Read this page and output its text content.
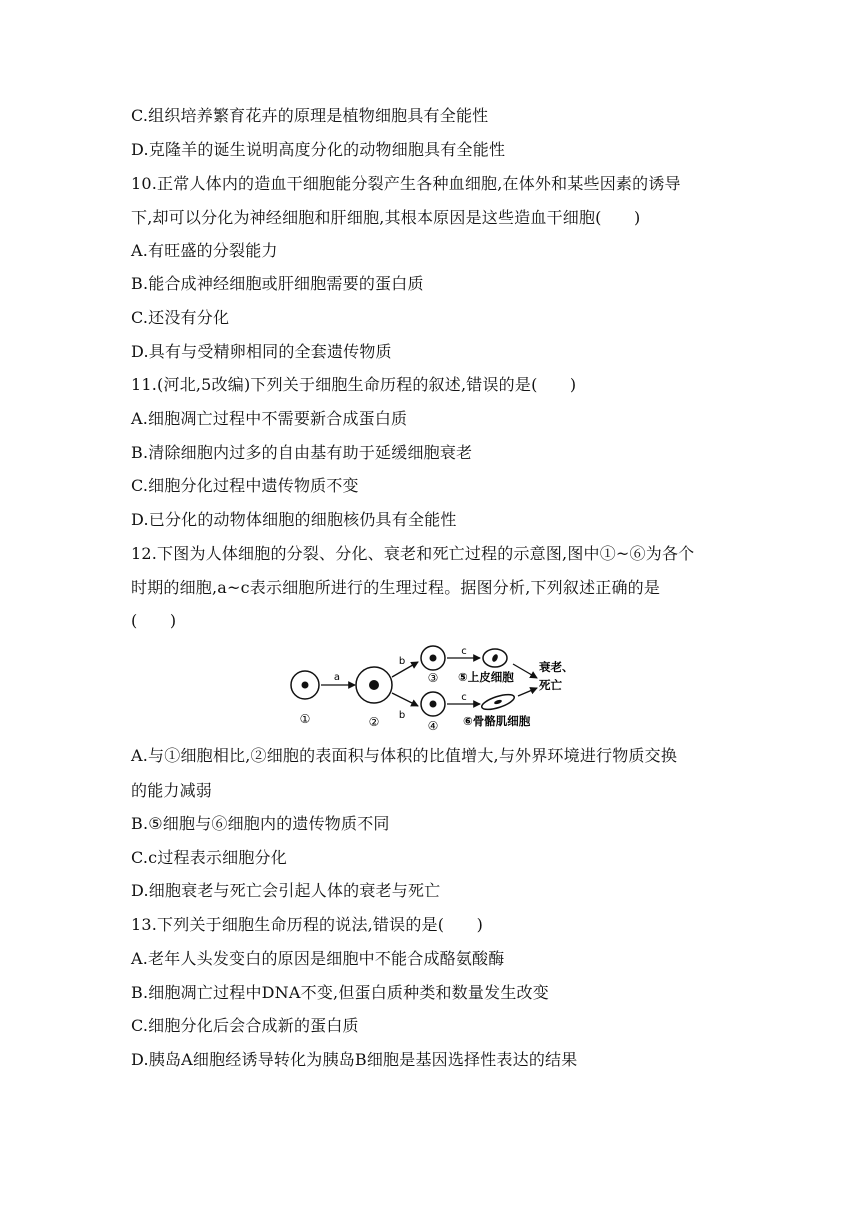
C.组织培养繁育花卉的原理是植物细胞具有全能性
D.克隆羊的诞生说明高度分化的动物细胞具有全能性
10.正常人体内的造血干细胞能分裂产生各种血细胞,在体外和某些因素的诱导
下,却可以分化为神经细胞和肝细胞,其根本原因是这些造血干细胞(　　)
A.有旺盛的分裂能力
B.能合成神经细胞或肝细胞需要的蛋白质
C.还没有分化
D.具有与受精卵相同的全套遗传物质
11.(河北,5改编)下列关于细胞生命历程的叙述,错误的是(　　)
A.细胞凋亡过程中不需要新合成蛋白质
B.清除细胞内过多的自由基有助于延缓细胞衰老
C.细胞分化过程中遗传物质不变
D.已分化的动物体细胞的细胞核仍具有全能性
12.下图为人体细胞的分裂、分化、衰老和死亡过程的示意图,图中①~⑥为各个
时期的细胞,a~c表示细胞所进行的生理过程。据图分析,下列叙述正确的是
(　　)
①
a
②
b
b
③
④
c
c
⑤上皮细胞
⑥骨骼肌细胞
衰老、
死亡
A.与①细胞相比,②细胞的表面积与体积的比值增大,与外界环境进行物质交换
的能力减弱
B.⑤细胞与⑥细胞内的遗传物质不同
C.c过程表示细胞分化
D.细胞衰老与死亡会引起人体的衰老与死亡
13.下列关于细胞生命历程的说法,错误的是(　　)
A.老年人头发变白的原因是细胞中不能合成酪氨酸酶
B.细胞凋亡过程中DNA不变,但蛋白质种类和数量发生改变
C.细胞分化后会合成新的蛋白质
D.胰岛A细胞经诱导转化为胰岛B细胞是基因选择性表达的结果
